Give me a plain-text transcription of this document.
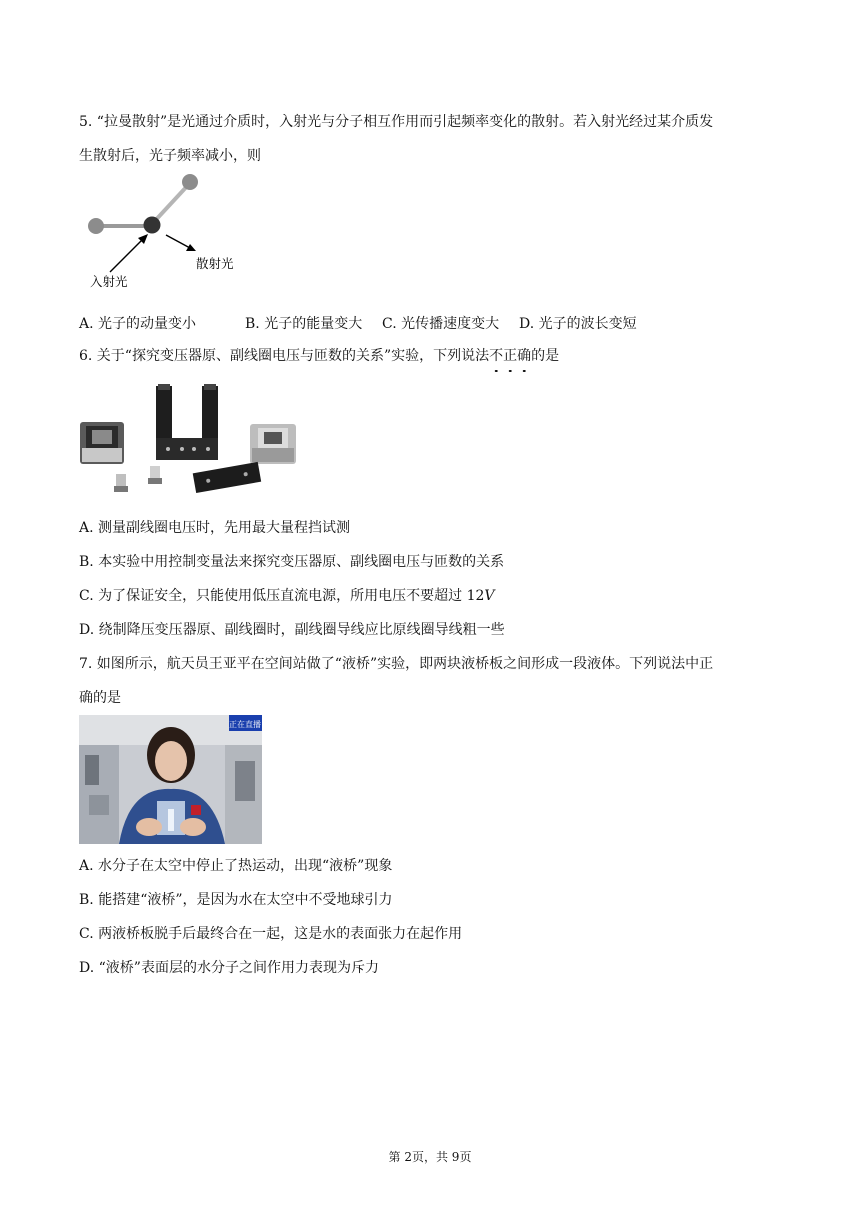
5. “拉曼散射”是光通过介质时，入射光与分子相互作用而引起频率变化的散射。若入射光经过某介质发
生散射后，光子频率减小，则
入射光
散射光
A. 光子的动量变小	B. 光子的能量变大 C. 光传播速度变大 D. 光子的波长变短
6. 关于“探究变压器原、副线圈电压与匝数的关系”实验，下列说法不正确的是
A. 测量副线圈电压时，先用最大量程挡试测
B. 本实验中用控制变量法来探究变压器原、副线圈电压与匝数的关系
C. 为了保证安全，只能使用低压直流电源，所用电压不要超过 12V
D. 绕制降压变压器原、副线圈时，副线圈导线应比原线圈导线粗一些
7. 如图所示，航天员王亚平在空间站做了“液桥”实验，即两块液桥板之间形成一段液体。下列说法中正
确的是
正在直播
A. 水分子在太空中停止了热运动，出现“液桥”现象
B. 能搭建“液桥”，是因为水在太空中不受地球引力
C. 两液桥板脱手后最终合在一起，这是水的表面张力在起作用
D. “液桥”表面层的水分子之间作用力表现为斥力
第 2页，共 9页
